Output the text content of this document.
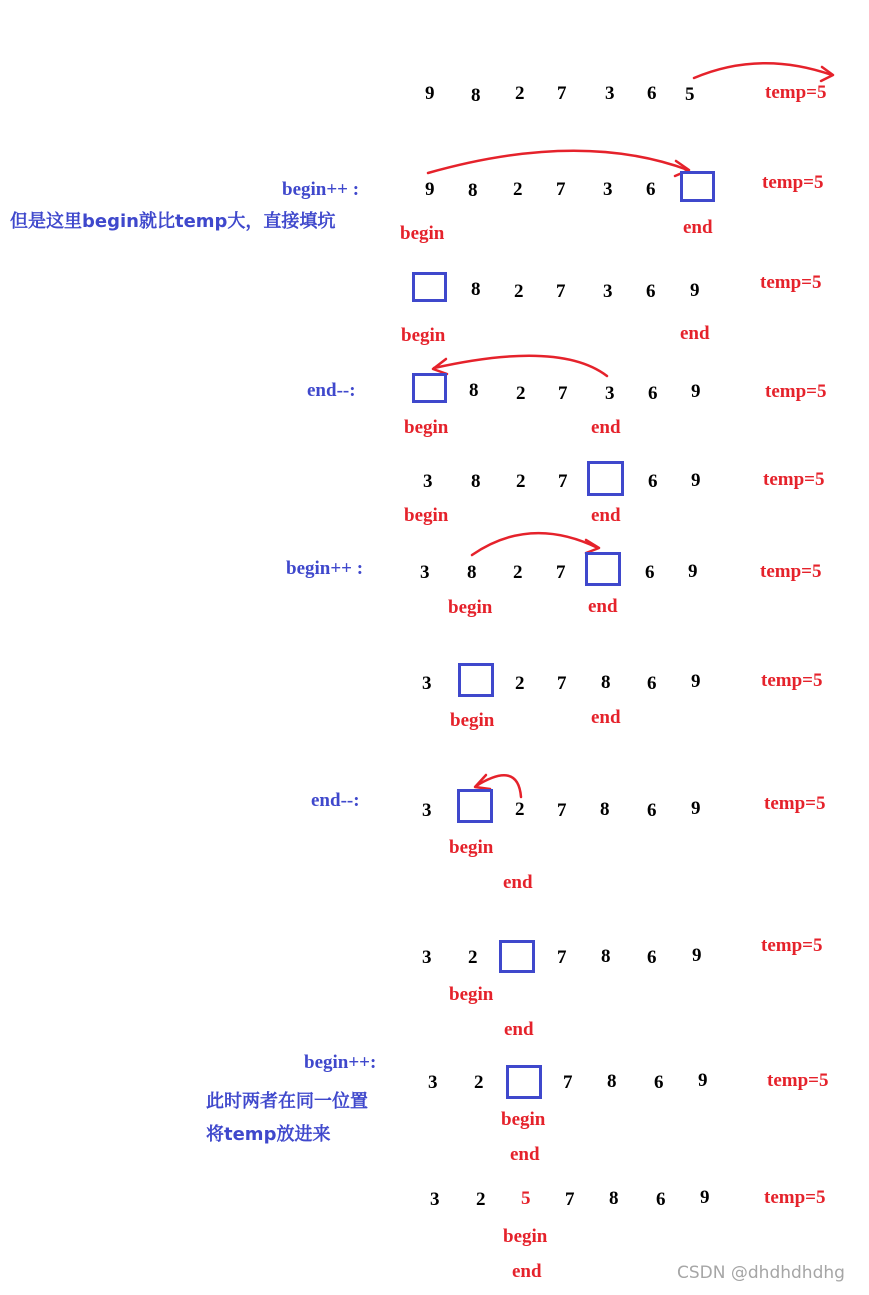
9 8 2 7 3 6 5	temp=5
begin++ :
但是这里begin就比temp大，直接填坑
9 8 2 7 3 6	temp=5
begin	end
8 2 7 3 6 9	temp=5
begin	end
end--:	8 2 7 3 6 9	temp=5
begin	end
3 8 2 7	6 9	temp=5
begin	end
begin++ :	3 8 2 7	6 9	temp=5
begin	end
3	2 7 8 6 9	temp=5
begin	end
end--:	3	2 7 8 6 9	temp=5
begin
end
3 2	7 8 6 9	temp=5
begin
end
begin++:
此时两者在同一位置
将temp放进来
3 2	7 8 6 9	temp=5
begin
end
3 2 5 7 8 6 9	temp=5
begin
end	CSDN @dhdhdhdhg
